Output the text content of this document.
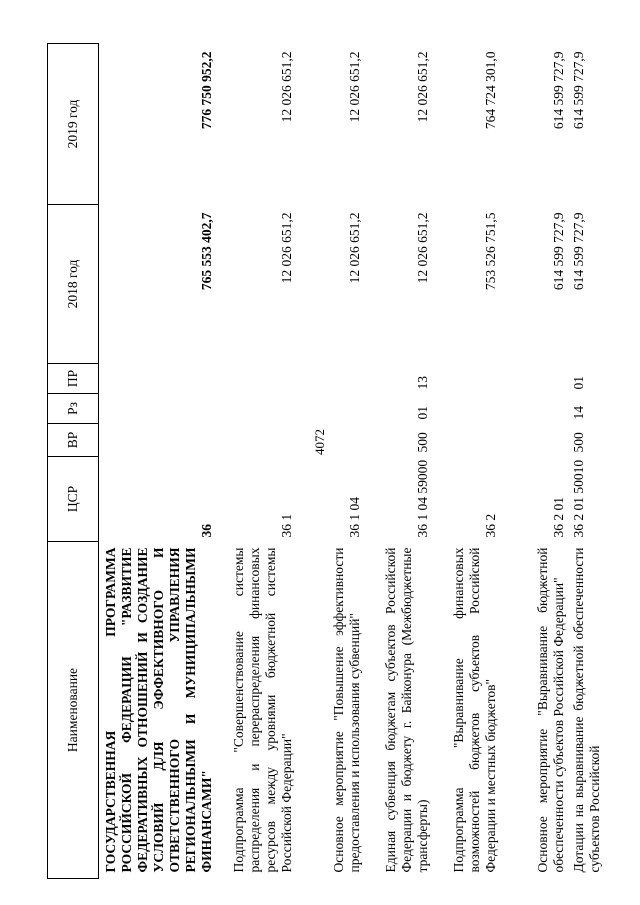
4072
Наименование	ЦСР	ВР	Рз	ПР	2018 год	2019 год
ГОСУДАРСТВЕННАЯ ПРОГРАММА РОССИЙСКОЙ ФЕДЕРАЦИИ "РАЗВИТИЕ ФЕДЕРАТИВНЫХ ОТНОШЕНИЙ И СОЗДАНИЕ УСЛОВИЙ ДЛЯ ЭФФЕКТИВНОГО И ОТВЕТСТВЕННОГО УПРАВЛЕНИЯ РЕГИОНАЛЬНЫМИ И МУНИЦИПАЛЬНЫМИ ФИНАНСАМИ"	36				765 553 402,7	776 750 952,2
Подпрограмма "Совершенствование системы распределения и перераспределения финансовых ресурсов между уровнями бюджетной системы Российской Федерации"	36 1				12 026 651,2	12 026 651,2
Основное мероприятие "Повышение эффективности предоставления и использования субвенций"	36 1 04				12 026 651,2	12 026 651,2
Единая субвенция бюджетам субъектов Российской Федерации и бюджету г. Байконура (Межбюджетные трансферты)	36 1 04 59000	500	01	13	12 026 651,2	12 026 651,2
Подпрограмма "Выравнивание финансовых возможностей бюджетов субъектов Российской Федерации и местных бюджетов"	36 2				753 526 751,5	764 724 301,0
Основное мероприятие "Выравнивание бюджетной обеспеченности субъектов Российской Федерации"	36 2 01				614 599 727,9	614 599 727,9
Дотации на выравнивание бюджетной обеспеченности субъектов Российской	36 2 01 50010	500	14	01	614 599 727,9	614 599 727,9
